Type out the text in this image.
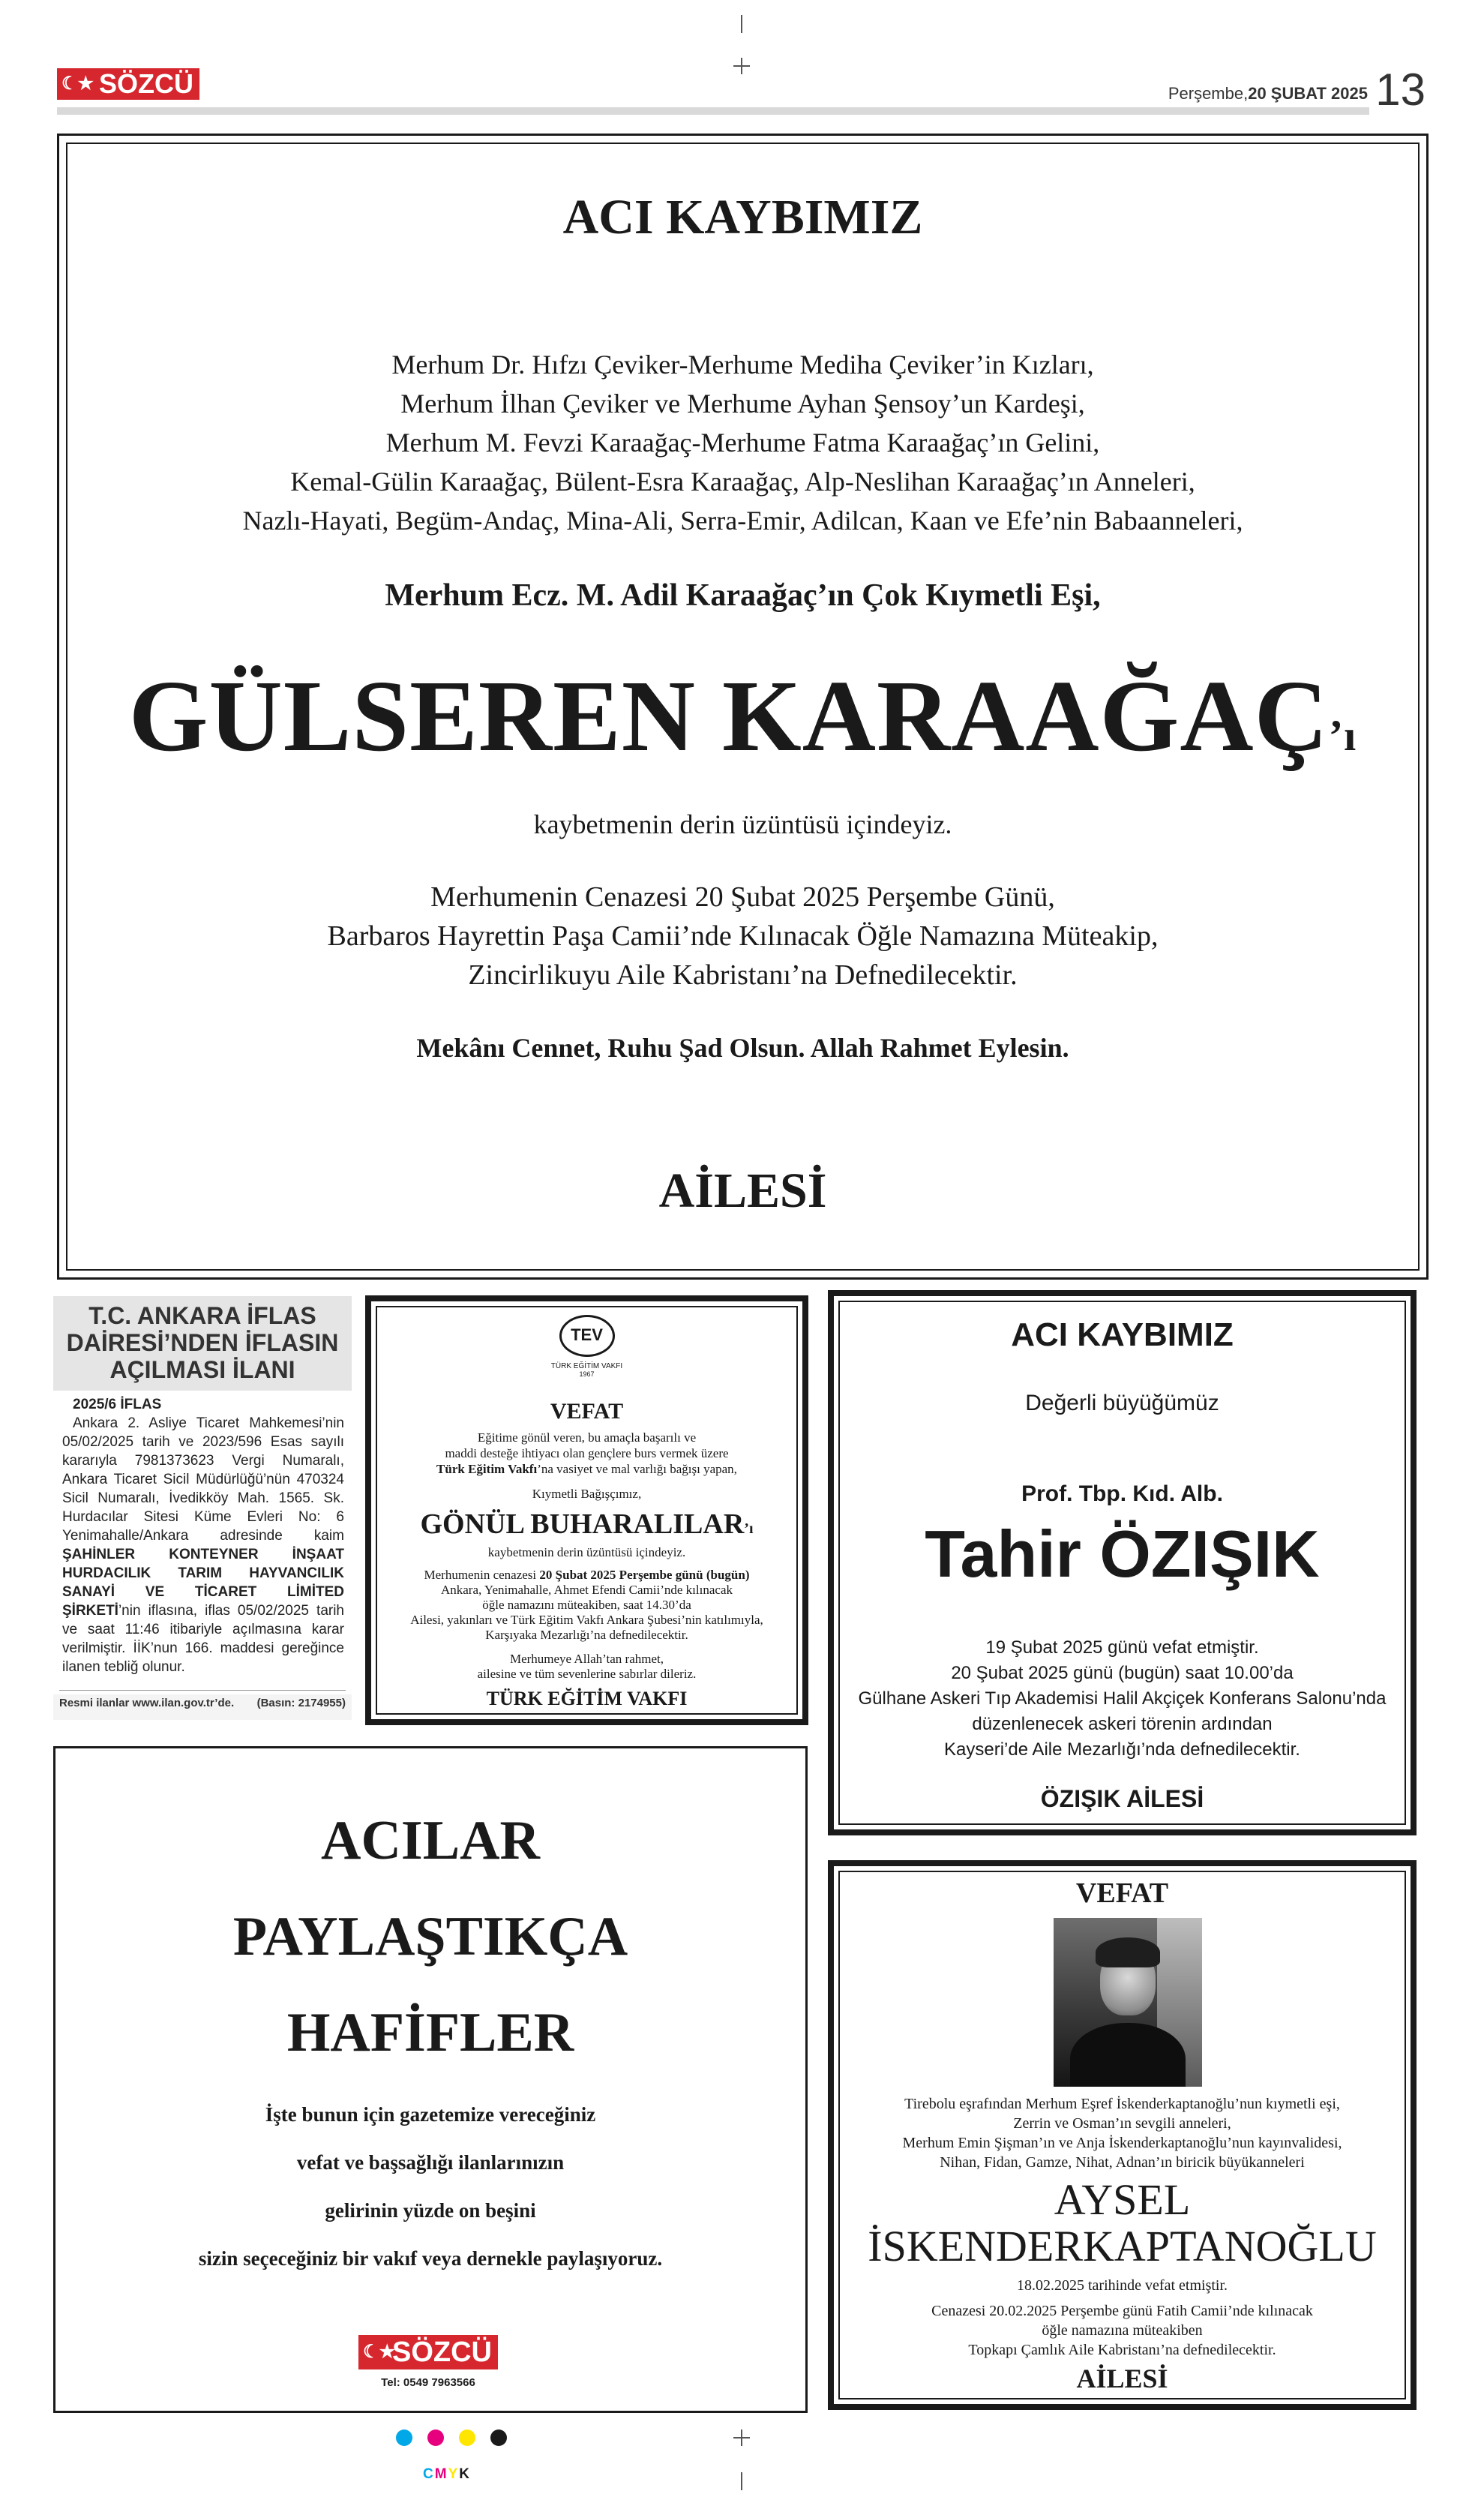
☾★ SÖZCÜ	Perşembe,20 ŞUBAT 2025 13
ACI KAYBIMIZ
Merhum Dr. Hıfzı Çeviker-Merhume Mediha Çeviker’in Kızları,
Merhum İlhan Çeviker ve Merhume Ayhan Şensoy’un Kardeşi,
Merhum M. Fevzi Karaağaç-Merhume Fatma Karaağaç’ın Gelini,
Kemal-Gülin Karaağaç, Bülent-Esra Karaağaç, Alp-Neslihan Karaağaç’ın Anneleri,
Nazlı-Hayati, Begüm-Andaç, Mina-Ali, Serra-Emir, Adilcan, Kaan ve Efe’nin Babaanneleri,
Merhum Ecz. M. Adil Karaağaç’ın Çok Kıymetli Eşi,
GÜLSEREN KARAAĞAÇ’ı
kaybetmenin derin üzüntüsü içindeyiz.
Merhumenin Cenazesi 20 Şubat 2025 Perşembe Günü,
Barbaros Hayrettin Paşa Camii’nde Kılınacak Öğle Namazına Müteakip,
Zincirlikuyu Aile Kabristanı’na Defnedilecektir.
Mekânı Cennet, Ruhu Şad Olsun. Allah Rahmet Eylesin.
AİLESİ
T.C. ANKARA İFLAS
DAİRESİ’NDEN İFLASIN
AÇILMASI İLANI
2025/6 İFLAS
Ankara 2. Asliye Ticaret Mahkemesi’nin 05/02/2025 tarih ve 2023/596 Esas sayılı kararıyla 7981373623 Vergi Numaralı, Ankara Ticaret Sicil Müdürlüğü’nün 470324 Sicil Numaralı, İvedikköy Mah. 1565. Sk. Hurdacılar Sitesi Küme Evleri No: 6 Yenimahalle/Ankara adresinde kaim ŞAHİNLER KONTEYNER İNŞAAT HURDACILIK TARIM HAYVANCILIK SANAYİ VE TİCARET LİMİTED ŞİRKETİ’nin iflasına, iflas 05/02/2025 tarih ve saat 11:46 itibariyle açılmasına karar verilmiştir. İİK’nun 166. maddesi gereğince ilanen tebliğ olunur.
Resmi ilanlar www.ilan.gov.tr’de. (Basın: 2174955)
TEV
TÜRK EĞİTİM VAKFI
1967
VEFAT
Eğitime gönül veren, bu amaçla başarılı ve
maddi desteğe ihtiyacı olan gençlere burs vermek üzere
Türk Eğitim Vakfı’na vasiyet ve mal varlığı bağışı yapan,
Kıymetli Bağışçımız,
GÖNÜL BUHARALILAR’ı
kaybetmenin derin üzüntüsü içindeyiz.
Merhumenin cenazesi 20 Şubat 2025 Perşembe günü (bugün)
Ankara, Yenimahalle, Ahmet Efendi Camii’nde kılınacak
öğle namazını müteakiben, saat 14.30’da
Ailesi, yakınları ve Türk Eğitim Vakfı Ankara Şubesi’nin katılımıyla,
Karşıyaka Mezarlığı’na defnedilecektir.
Merhumeye Allah’tan rahmet,
ailesine ve tüm sevenlerine sabırlar dileriz.
TÜRK EĞİTİM VAKFI
ACI KAYBIMIZ
Değerli büyüğümüz
Prof. Tbp. Kıd. Alb.
Tahir ÖZIŞIK
19 Şubat 2025 günü vefat etmiştir.
20 Şubat 2025 günü (bugün) saat 10.00’da
Gülhane Askeri Tıp Akademisi Halil Akçiçek Konferans Salonu’nda
düzenlenecek askeri törenin ardından
Kayseri’de Aile Mezarlığı’nda defnedilecektir.
ÖZIŞIK AİLESİ
ACILAR
PAYLAŞTIKÇA
HAFİFLER
İşte bunun için gazetemize vereceğiniz
vefat ve başsağlığı ilanlarınızın
gelirinin yüzde on beşini
sizin seçeceğiniz bir vakıf veya dernekle paylaşıyoruz.
☾★
SÖZCÜ
Tel: 0549 7963566
VEFAT
Tirebolu eşrafından Merhum Eşref İskenderkaptanoğlu’nun kıymetli eşi,
Zerrin ve Osman’ın sevgili anneleri,
Merhum Emin Şişman’ın ve Anja İskenderkaptanoğlu’nun kayınvalidesi,
Nihan, Fidan, Gamze, Nihat, Adnan’ın biricik büyükanneleri
AYSEL
İSKENDERKAPTANOĞLU
18.02.2025 tarihinde vefat etmiştir.
Cenazesi 20.02.2025 Perşembe günü Fatih Camii’nde kılınacak
öğle namazına müteakiben
Topkapı Çamlık Aile Kabristanı’na defnedilecektir.
AİLESİ
CMYK
